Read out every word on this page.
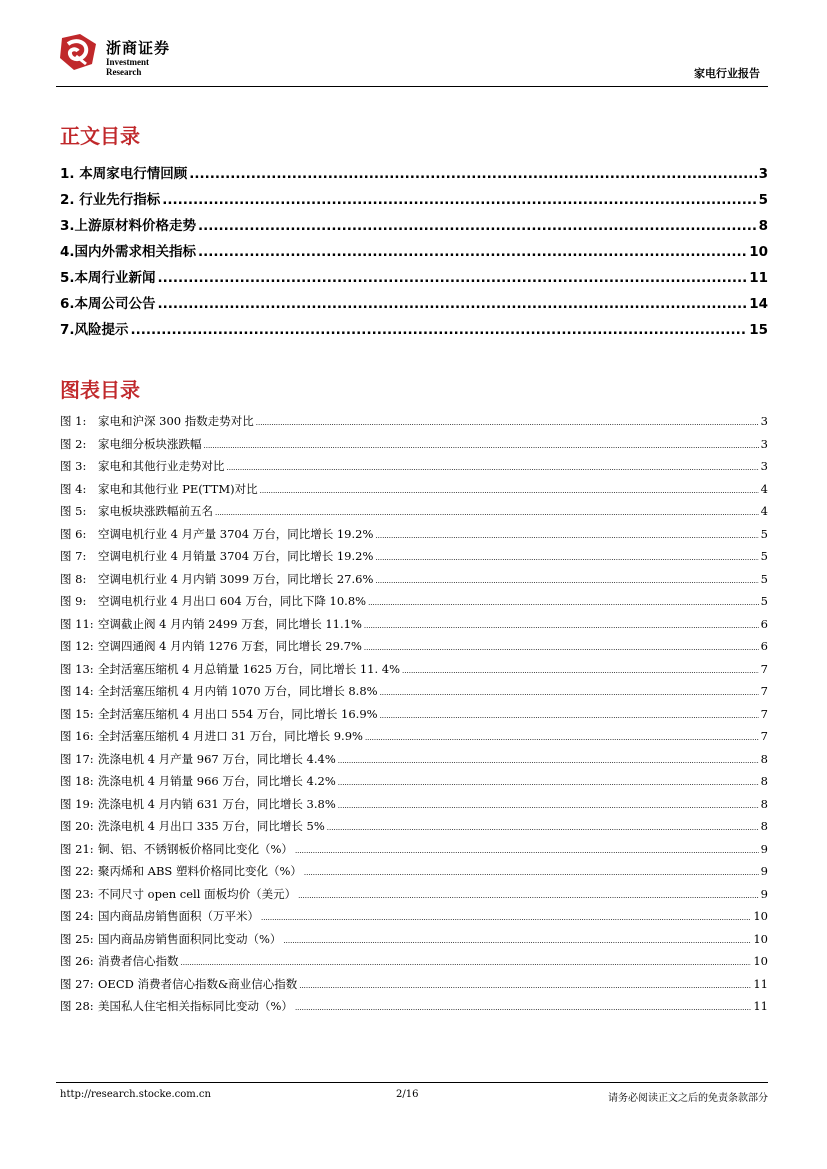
浙商证券
Investment Research	家电行业报告
正文目录
1. 本周家电行情回顾 .....	3
2. 行业先行指标 .....	5
3.上游原材料价格走势 .....	8
4.国内外需求相关指标 .....	10
5.本周行业新闻 .....	11
6.本周公司公告 .....	14
7.风险提示 .....	15
图表目录
图 1: 家电和沪深 300 指数走势对比 .....	3
图 2: 家电细分板块涨跌幅 .....	3
图 3: 家电和其他行业走势对比 .....	3
图 4: 家电和其他行业 PE(TTM)对比 .....	4
图 5: 家电板块涨跌幅前五名 .....	4
图 6: 空调电机行业 4 月产量 3704 万台，同比增长 19.2% .....	5
图 7: 空调电机行业 4 月销量 3704 万台，同比增长 19.2% .....	5
图 8: 空调电机行业 4 月内销 3099 万台，同比增长 27.6% .....	5
图 9: 空调电机行业 4 月出口 604 万台，同比下降 10.8% .....	5
图 11: 空调截止阀 4 月内销 2499 万套，同比增长 11.1% .....	6
图 12: 空调四通阀 4 月内销 1276 万套，同比增长 29.7% .....	6
图 13: 全封活塞压缩机 4 月总销量 1625 万台，同比增长 11. 4% .....	7
图 14: 全封活塞压缩机 4 月内销 1070 万台，同比增长 8.8% .....	7
图 15: 全封活塞压缩机 4 月出口 554 万台，同比增长 16.9% .....	7
图 16: 全封活塞压缩机 4 月进口 31 万台，同比增长 9.9% .....	7
图 17: 洗涤电机 4 月产量 967 万台，同比增长 4.4% .....	8
图 18: 洗涤电机 4 月销量 966 万台，同比增长 4.2% .....	8
图 19: 洗涤电机 4 月内销 631 万台，同比增长 3.8% .....	8
图 20: 洗涤电机 4 月出口 335 万台，同比增长 5% .....	8
图 21: 铜、铝、不锈钢板价格同比变化（%） .....	9
图 22: 聚丙烯和 ABS 塑料价格同比变化（%） .....	9
图 23: 不同尺寸 open cell 面板均价（美元） .....	9
图 24: 国内商品房销售面积（万平米） .....	10
图 25: 国内商品房销售面积同比变动（%） .....	10
图 26: 消费者信心指数 .....	10
图 27: OECD 消费者信心指数&商业信心指数 .....	11
图 28: 美国私人住宅相关指标同比变动（%） .....	11
http://research.stocke.com.cn	2/16	请务必阅读正文之后的免责条款部分
